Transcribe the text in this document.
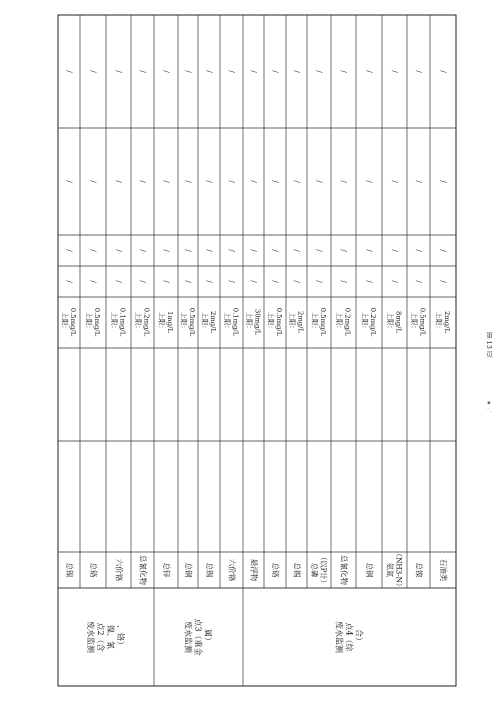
、铬）镍、氰点2（含废水监测	属）点3（重金废水监测	合）点4（综废水监测
总镍
0.5mg/L上限：
/
/
/
/
总铬
0.5mg/L上限：
/
/
/
/
六价铬
0.1mg/L上限：
/
/
/
/
总氰化物
0.2mg/L上限：
/
/
/
/
总锌
1mg/L上限：
/
/
/
/
总铜
0.5mg/L上限：
/
/
/
/
总锡
2mg/L上限：
/
/
/
/
六价铬
0.1mg/L上限：
/
/
/
/
悬浮物
30mg/L上限：
/
/
/
/
总铬
0.5mg/L上限：
/
/
/
/
总锡
2mg/L上限：
/
/
/
/
（以P计）总磷
0.5mg/L上限：
/
/
/
/
总氰化物
0.2mg/L上限：
/
/
/
/
总铜
0.2mg/L上限：
/
/
/
/
（NH3-N）氨氮
8mg/L上限：
/
/
/
/
总镍
0.5mg/L上限：
/
/
/
/
石油类
2mg/L上限：
/
/
/
/
第 13 页
▪ ˌ ˈ
